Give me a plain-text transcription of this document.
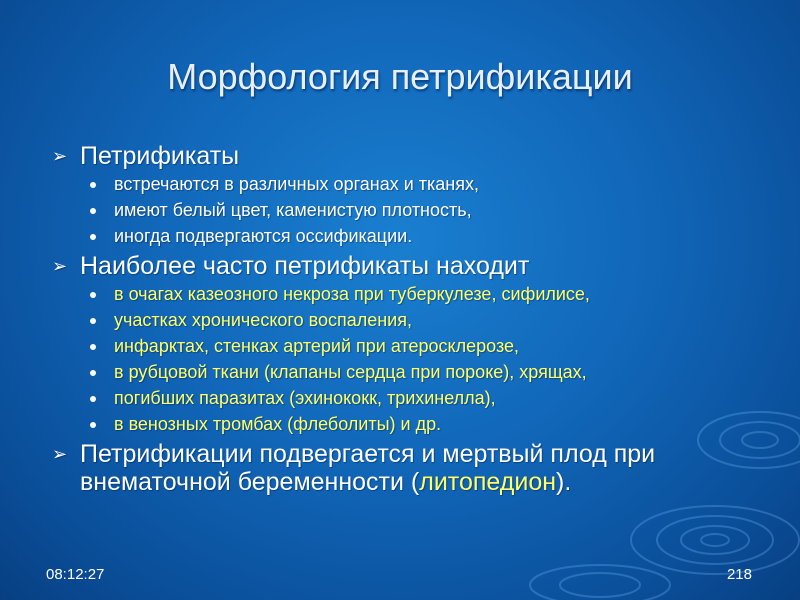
Морфология петрификации
➢ Петрификаты
встречаются в различных органах и тканях,
имеют белый цвет, каменистую плотность,
иногда подвергаются оссификации.
➢ Наиболее часто петрификаты находит
в очагах казеозного некроза при туберкулезе, сифилисе,
участках хронического воспаления,
инфарктах, стенках артерий при атеросклерозе,
в рубцовой ткани (клапаны сердца при пороке), хрящах,
погибших паразитах (эхинококк, трихинелла),
в венозных тромбах (флеболиты) и др.
➢ Петрификации подвергается и мертвый плод при
внематочной беременности (литопедион).
08:12:27	218
